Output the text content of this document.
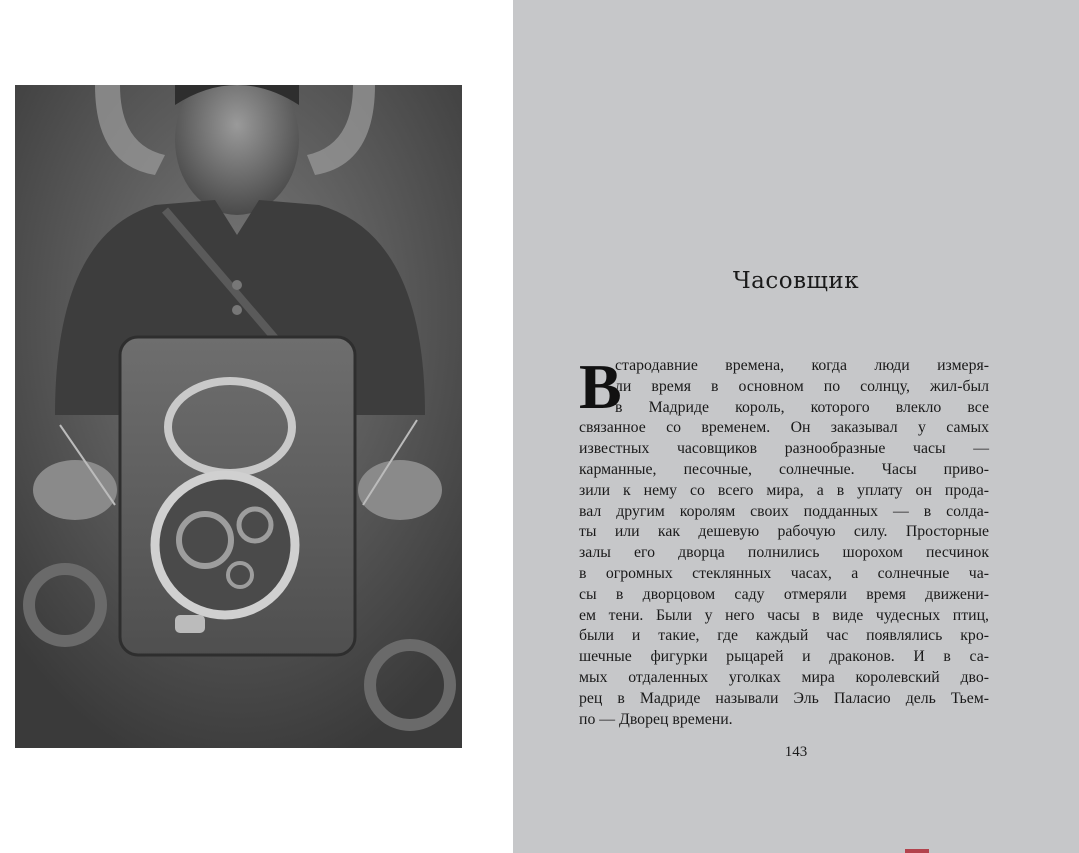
Часовщик
В
стародавние времена, когда люди измеря-
ли время в основном по солнцу, жил-был
в Мадриде король, которого влекло все
связанное со временем. Он заказывал у самых
известных часовщиков разнообразные часы —
карманные, песочные, солнечные. Часы приво-
зили к нему со всего мира, а в уплату он прода-
вал другим королям своих подданных — в солда-
ты или как дешевую рабочую силу. Просторные
залы его дворца полнились шорохом песчинок
в огромных стеклянных часах, а солнечные ча-
сы в дворцовом саду отмеряли время движени-
ем тени. Были у него часы в виде чудесных птиц,
были и такие, где каждый час появлялись кро-
шечные фигурки рыцарей и драконов. И в са-
мых отдаленных уголках мира королевский дво-
рец в Мадриде называли Эль Паласио дель Тьем-
по — Дворец времени.
143
